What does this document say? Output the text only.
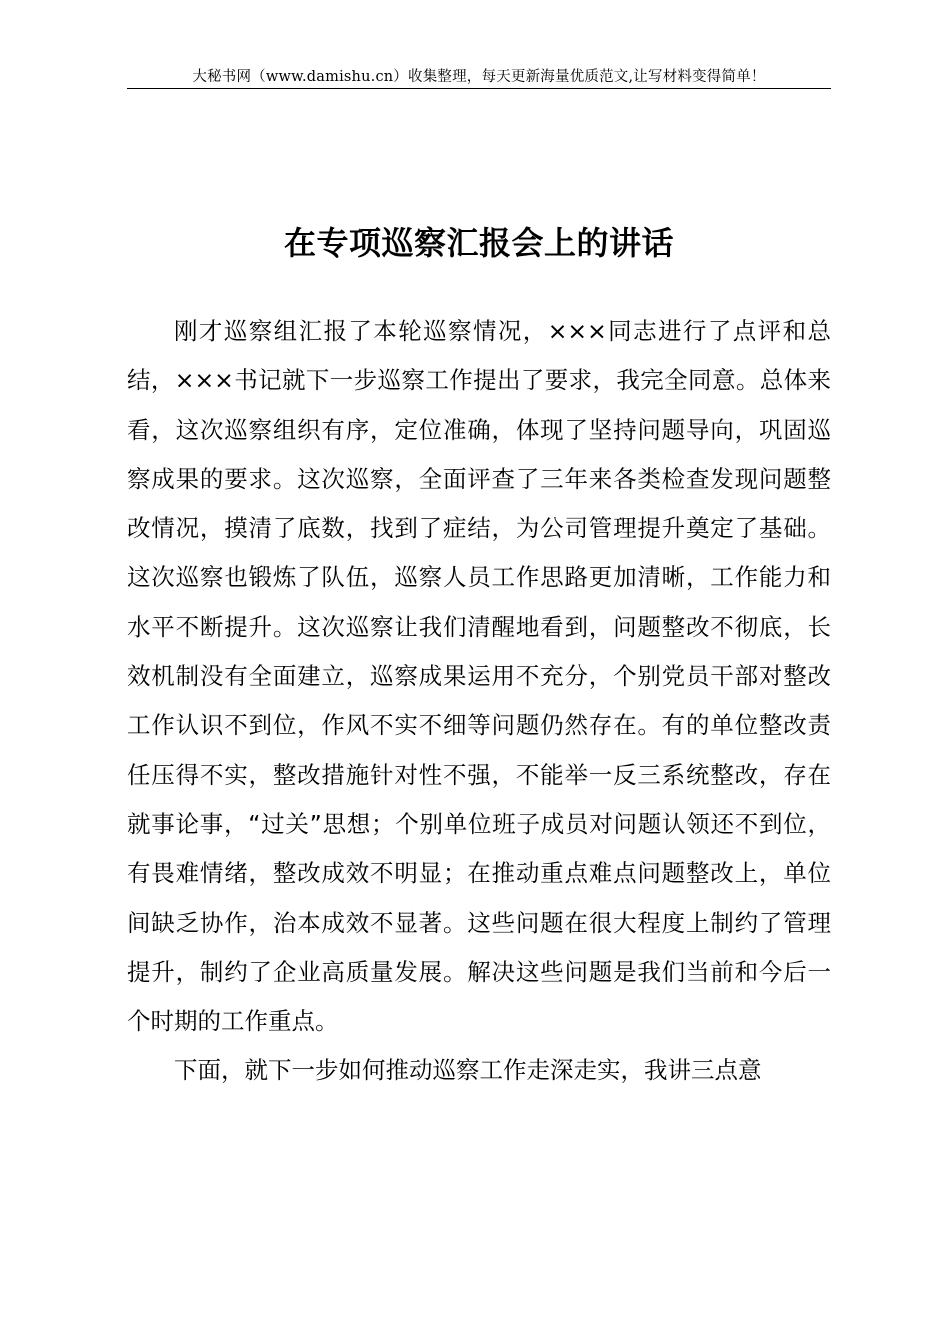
大秘书网（www.damishu.cn）收集整理，每天更新海量优质范文,让写材料变得简单！
在专项巡察汇报会上的讲话

刚才巡察组汇报了本轮巡察情况，×××同志进行了点评和总结，×××书记就下一步巡察工作提出了要求，我完全同意。总体来看，这次巡察组织有序，定位准确，体现了坚持问题导向，巩固巡察成果的要求。这次巡察，全面评查了三年来各类检查发现问题整改情况，摸清了底数，找到了症结，为公司管理提升奠定了基础。这次巡察也锻炼了队伍，巡察人员工作思路更加清晰，工作能力和水平不断提升。这次巡察让我们清醒地看到，问题整改不彻底，长效机制没有全面建立，巡察成果运用不充分，个别党员干部对整改工作认识不到位，作风不实不细等问题仍然存在。有的单位整改责任压得不实，整改措施针对性不强，不能举一反三系统整改，存在就事论事，“过关”思想；个别单位班子成员对问题认领还不到位，有畏难情绪，整改成效不明显；在推动重点难点问题整改上，单位间缺乏协作，治本成效不显著。这些问题在很大程度上制约了管理提升，制约了企业高质量发展。解决这些问题是我们当前和今后一个时期的工作重点。

下面，就下一步如何推动巡察工作走深走实，我讲三点意
